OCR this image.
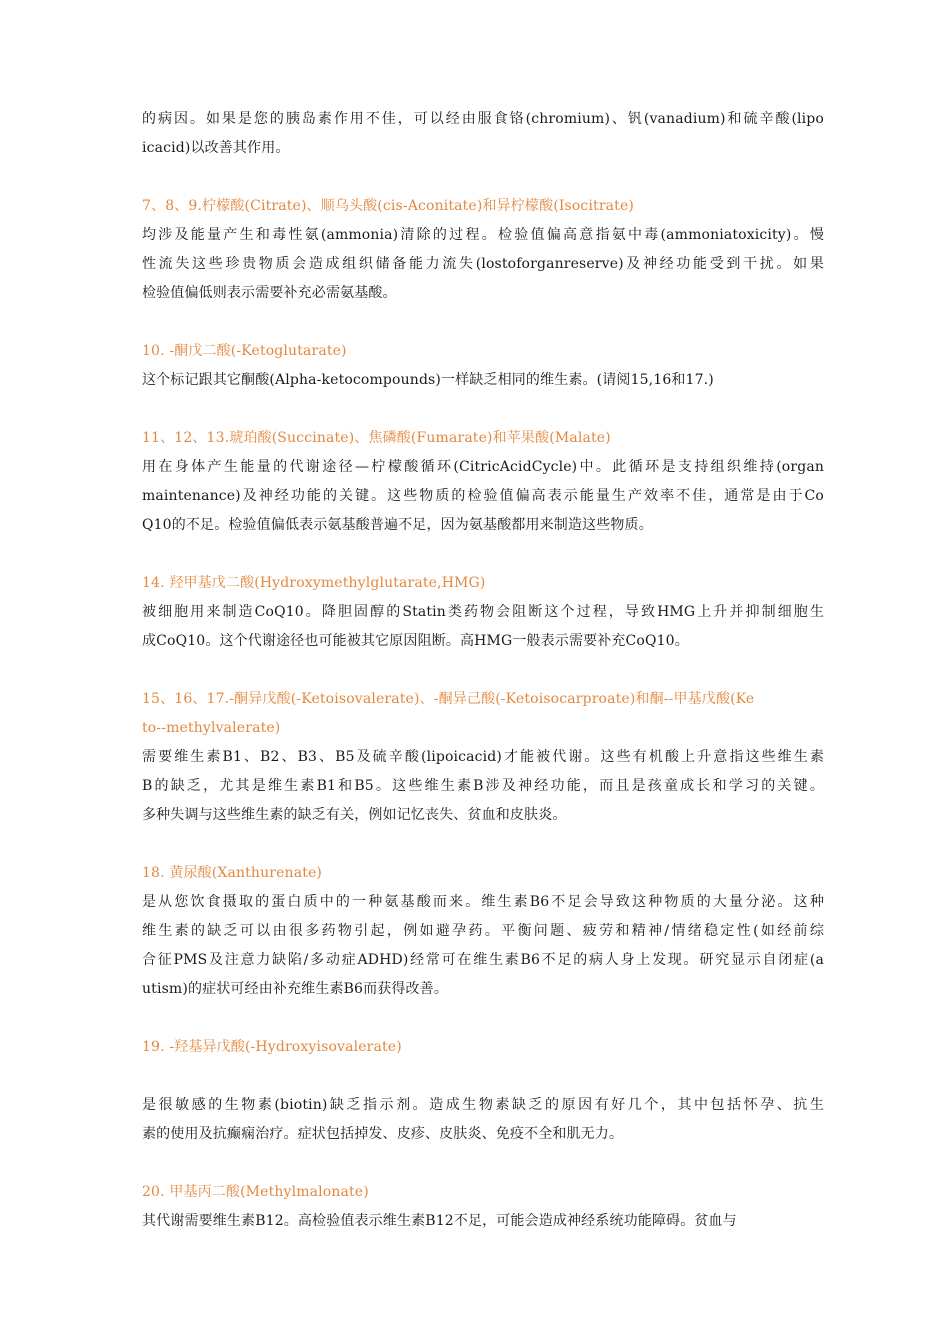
的病因。如果是您的胰岛素作用不佳，可以经由服食铬(chromium)、钒(vanadium)和硫辛酸(lipo
icacid)以改善其作用。
7、8、9.柠檬酸(Citrate)、顺乌头酸(cis-Aconitate)和异柠檬酸(Isocitrate)
均涉及能量产生和毒性氨(ammonia)清除的过程。检验值偏高意指氨中毒(ammoniatoxicity)。慢
性流失这些珍贵物质会造成组织储备能力流失(lostoforganreserve)及神经功能受到干扰。如果
检验值偏低则表示需要补充必需氨基酸。
10. -酮戊二酸(-Ketoglutarate)
这个标记跟其它酮酸(Alpha-ketocompounds)一样缺乏相同的维生素。(请阅15,16和17.)
11、12、13.琥珀酸(Succinate)、焦磷酸(Fumarate)和苹果酸(Malate)
用在身体产生能量的代谢途径—柠檬酸循环(CitricAcidCycle)中。此循环是支持组织维持(organ
maintenance)及神经功能的关键。这些物质的检验值偏高表示能量生产效率不佳，通常是由于Co
Q10的不足。检验值偏低表示氨基酸普遍不足，因为氨基酸都用来制造这些物质。
14. 羟甲基戊二酸(Hydroxymethylglutarate,HMG)
被细胞用来制造CoQ10。降胆固醇的Statin类药物会阻断这个过程，导致HMG上升并抑制细胞生
成CoQ10。这个代谢途径也可能被其它原因阻断。高HMG一般表示需要补充CoQ10。
15、16、17.-酮异戊酸(-Ketoisovalerate)、-酮异己酸(-Ketoisocarproate)和酮--甲基戊酸(Ke
to--methylvalerate)
需要维生素B1、B2、B3、B5及硫辛酸(lipoicacid)才能被代谢。这些有机酸上升意指这些维生素
B的缺乏，尤其是维生素B1和B5。这些维生素B涉及神经功能，而且是孩童成长和学习的关键。
多种失调与这些维生素的缺乏有关，例如记忆丧失、贫血和皮肤炎。
18. 黄尿酸(Xanthurenate)
是从您饮食摄取的蛋白质中的一种氨基酸而来。维生素B6不足会导致这种物质的大量分泌。这种
维生素的缺乏可以由很多药物引起，例如避孕药。平衡问题、疲劳和精神/情绪稳定性(如经前综
合征PMS及注意力缺陷/多动症ADHD)经常可在维生素B6不足的病人身上发现。研究显示自闭症(a
utism)的症状可经由补充维生素B6而获得改善。
19. -羟基异戊酸(-Hydroxyisovalerate)
是很敏感的生物素(biotin)缺乏指示剂。造成生物素缺乏的原因有好几个，其中包括怀孕、抗生
素的使用及抗癫痫治疗。症状包括掉发、皮疹、皮肤炎、免疫不全和肌无力。
20. 甲基丙二酸(Methylmalonate)
其代谢需要维生素B12。高检验值表示维生素B12不足，可能会造成神经系统功能障碍。贫血与
